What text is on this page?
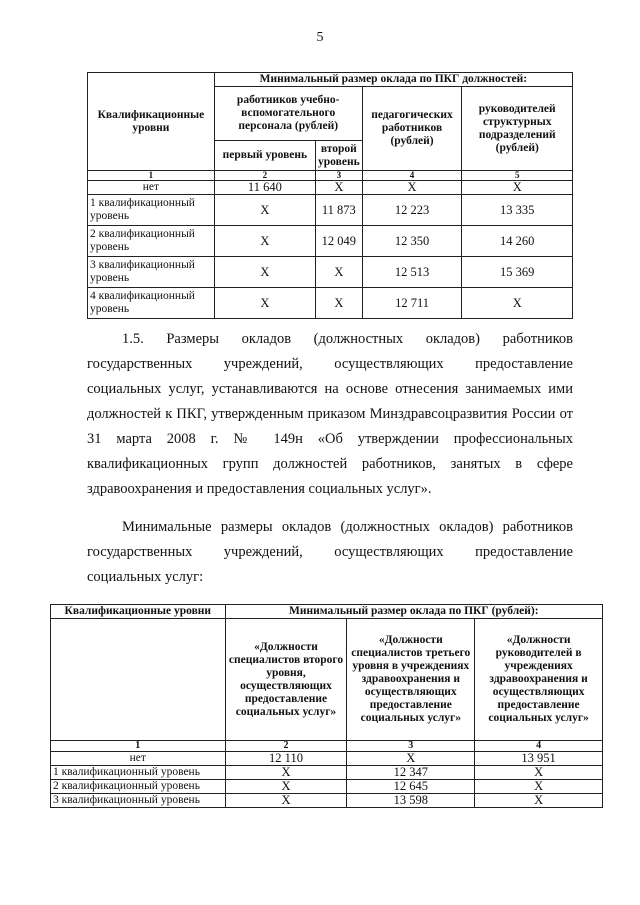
5
Квалификационные уровни	Минимальный размер оклада по ПКГ должностей:			
	работников учебно-вспомогательного персонала (рублей)		педагогических работников (рублей)	руководителей структурных подразделений (рублей)
	первый уровень	второй уровень		
1	2	3	4	5
нет	11 640	X	X	X
1 квалификационный уровень	X	11 873	12 223	13 335
2 квалификационный уровень	X	12 049	12 350	14 260
3 квалификационный уровень	X	X	12 513	15 369
4 квалификационный уровень	X	X	12 711	X

1.5. Размеры окладов (должностных окладов) работников

государственных учреждений, осуществляющих предоставление

социальных услуг, устанавливаются на основе отнесения занимаемых ими должностей к ПКГ, утвержденным приказом Минздравсоцразвития России от 31 марта 2008 г. № 149н «Об утверждении профессиональных квалификационных групп должностей работников, занятых в сфере здравоохранения и предоставления социальных услуг».

Минимальные размеры окладов (должностных окладов) работников

государственных учреждений, осуществляющих предоставление

социальных услуг:

Квалификационные уровни	Минимальный размер оклада по ПКГ (рублей):		
	«Должности специалистов второго уровня, осуществляющих предоставление социальных услуг»	«Должности специалистов третьего уровня в учреждениях здравоохранения и осуществляющих предоставление социальных услуг»	«Должности руководителей в учреждениях здравоохранения и осуществляющих предоставление социальных услуг»
1	2	3	4
нет	12 110	X	13 951
1 квалификационный уровень	X	12 347	X
2 квалификационный уровень	X	12 645	X
3 квалификационный уровень	X	13 598	X
